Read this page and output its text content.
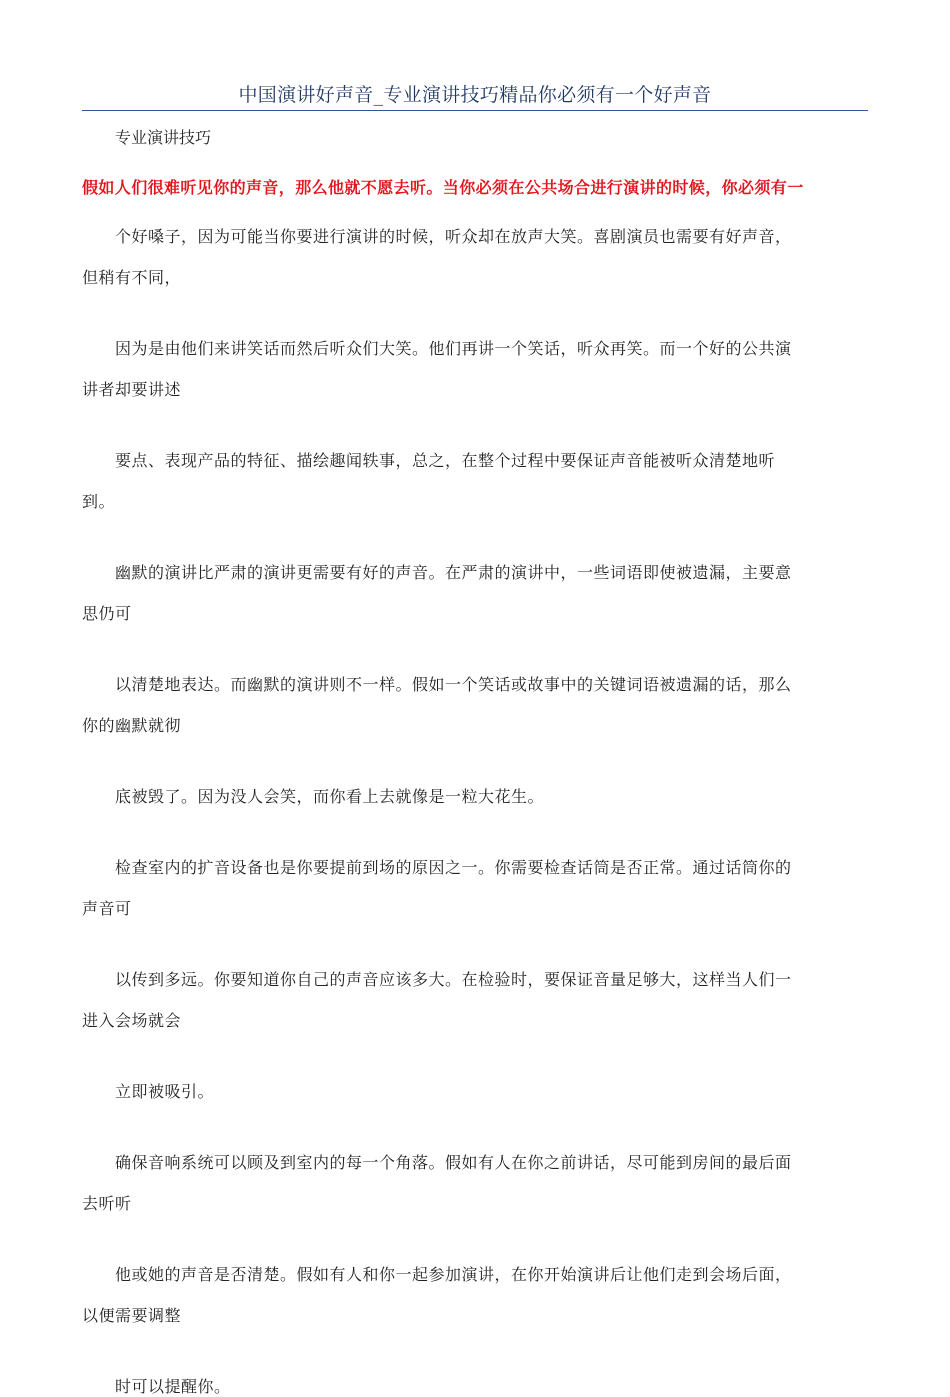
中国演讲好声音_专业演讲技巧精品你必须有一个好声音
专业演讲技巧
假如人们很难听见你的声音，那么他就不愿去听。当你必须在公共场合进行演讲的时候，你必须有一
个好嗓子，因为可能当你要进行演讲的时候，听众却在放声大笑。喜剧演员也需要有好声音，
但稍有不同，
因为是由他们来讲笑话而然后听众们大笑。他们再讲一个笑话，听众再笑。而一个好的公共演
讲者却要讲述
要点、表现产品的特征、描绘趣闻轶事，总之，在整个过程中要保证声音能被听众清楚地听
到。
幽默的演讲比严肃的演讲更需要有好的声音。在严肃的演讲中，一些词语即使被遗漏，主要意
思仍可
以清楚地表达。而幽默的演讲则不一样。假如一个笑话或故事中的关键词语被遗漏的话，那么
你的幽默就彻
底被毁了。因为没人会笑，而你看上去就像是一粒大花生。
检查室内的扩音设备也是你要提前到场的原因之一。你需要检查话筒是否正常。通过话筒你的
声音可
以传到多远。你要知道你自己的声音应该多大。在检验时，要保证音量足够大，这样当人们一
进入会场就会
立即被吸引。
确保音响系统可以顾及到室内的每一个角落。假如有人在你之前讲话，尽可能到房间的最后面
去听听
他或她的声音是否清楚。假如有人和你一起参加演讲，在你开始演讲后让他们走到会场后面，
以便需要调整
时可以提醒你。
